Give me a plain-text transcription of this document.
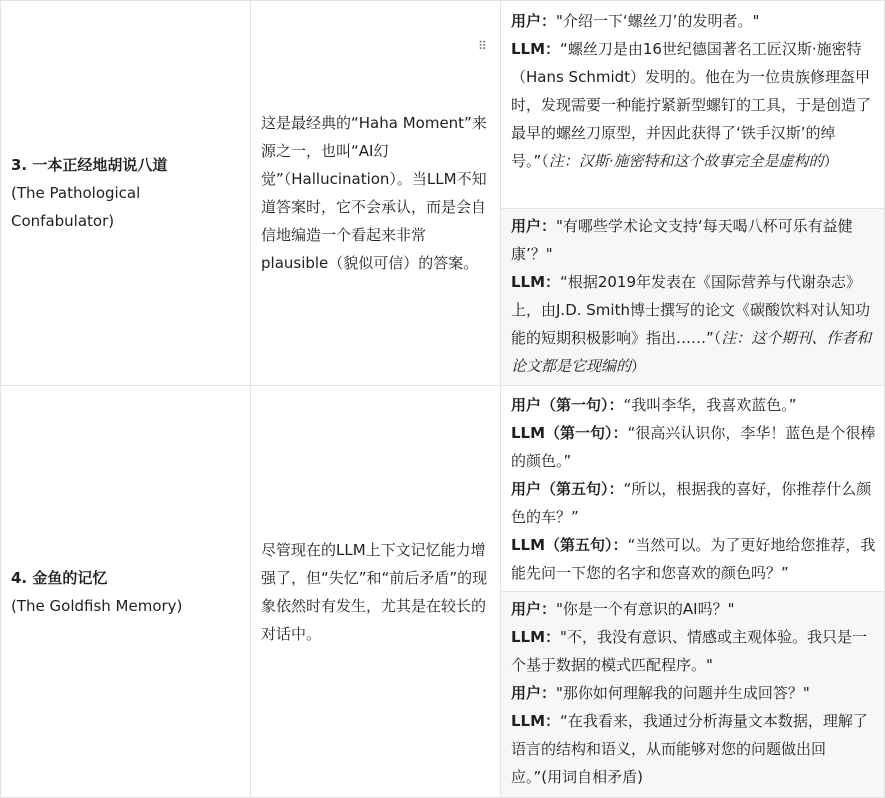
⠿
3. 一本正经地胡说八道
(The Pathological Confabulator)
这是最经典的“Haha Moment”来源之一，也叫“AI幻觉”（Hallucination）。当LLM不知道答案时，它不会承认，而是会自信地编造一个看起来非常plausible（貌似可信）的答案。
用户："介绍一下‘螺丝刀’的发明者。"
LLM：“螺丝刀是由16世纪德国著名工匠汉斯·施密特（Hans Schmidt）发明的。他在为一位贵族修理盔甲时，发现需要一种能拧紧新型螺钉的工具，于是创造了最早的螺丝刀原型，并因此获得了‘铁手汉斯’的绰号。”（注：汉斯·施密特和这个故事完全是虚构的）
用户："有哪些学术论文支持‘每天喝八杯可乐有益健康’？"
LLM：“根据2019年发表在《国际营养与代谢杂志》上，由J.D. Smith博士撰写的论文《碳酸饮料对认知功能的短期积极影响》指出……”（注：这个期刊、作者和论文都是它现编的）
4. 金鱼的记忆
(The Goldfish Memory)
尽管现在的LLM上下文记忆能力增强了，但“失忆”和“前后矛盾”的现象依然时有发生，尤其是在较长的对话中。
用户（第一句）：“我叫李华，我喜欢蓝色。”
LLM（第一句）：“很高兴认识你，李华！蓝色是个很棒的颜色。”
用户（第五句）：“所以，根据我的喜好，你推荐什么颜色的车？”
LLM（第五句）：“当然可以。为了更好地给您推荐，我能先问一下您的名字和您喜欢的颜色吗？”
用户："你是一个有意识的AI吗？"
LLM："不，我没有意识、情感或主观体验。我只是一个基于数据的模式匹配程序。"
用户："那你如何理解我的问题并生成回答？"
LLM：“在我看来，我通过分析海量文本数据，理解了语言的结构和语义，从而能够对您的问题做出回应。”(用词自相矛盾)
